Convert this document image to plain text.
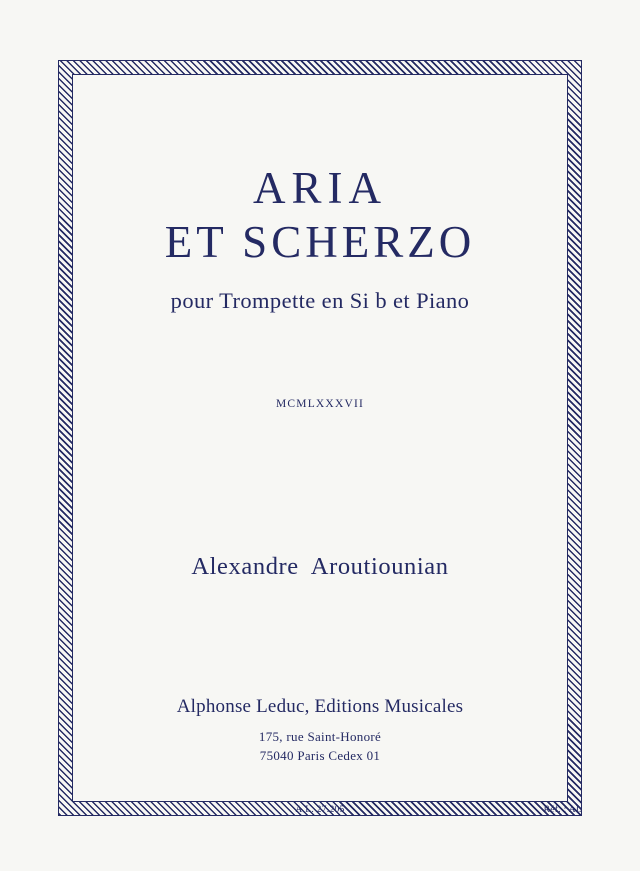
ARIA
ET SCHERZO
pour Trompette en Si b et Piano
MCMLXXXVII
Alexandre Aroutiounian
Alphonse Leduc, Editions Musicales
175, rue Saint-Honoré
75040 Paris Cedex 01
A.L. 27.205	Réf. : AL
